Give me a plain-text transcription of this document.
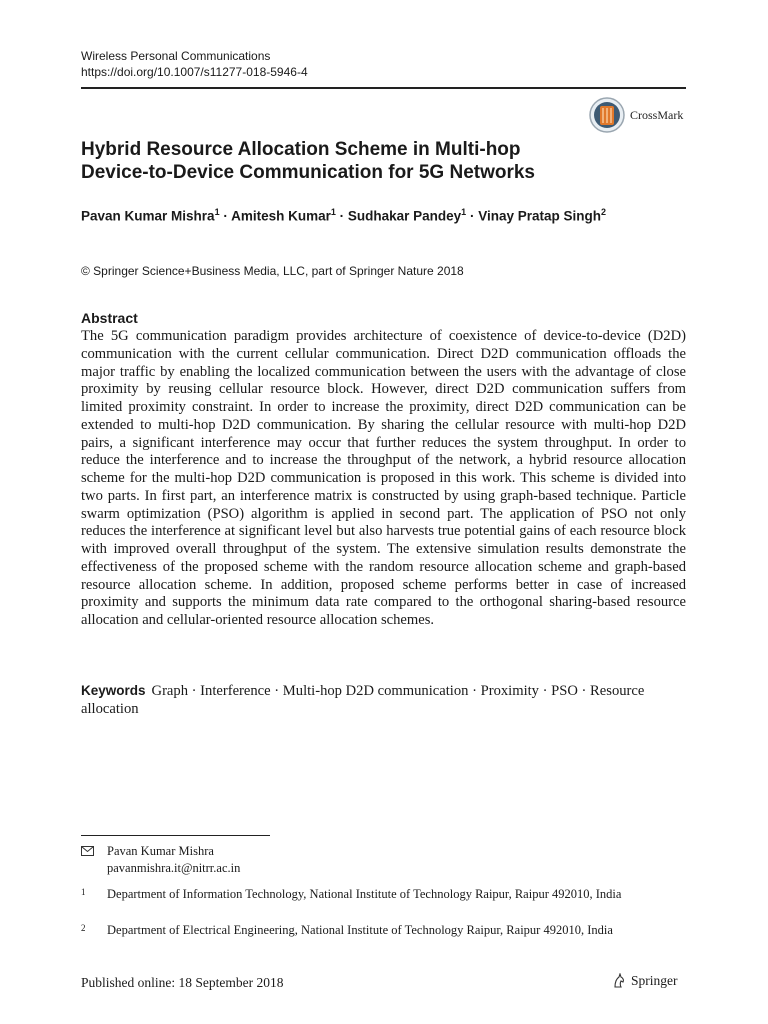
Wireless Personal Communications
https://doi.org/10.1007/s11277-018-5946-4
CrossMark
Hybrid Resource Allocation Scheme in Multi-hop
Device-to-Device Communication for 5G Networks
Pavan Kumar Mishra$^1$ · Amitesh Kumar$^1$ · Sudhakar Pandey$^1$ · Vinay Pratap Singh$^2$
© Springer Science+Business Media, LLC, part of Springer Nature 2018
Abstract
The 5G communication paradigm provides architecture of coexistence of device-to-device (D2D) communication with the current cellular communication. Direct D2D communication offloads the major traffic by enabling the localized communication between the users with the advantage of close proximity by reusing cellular resource block. However, direct D2D communication suffers from limited proximity constraint. In order to increase the proximity, direct D2D communication can be extended to multi-hop D2D communication. By sharing the cellular resource with multi-hop D2D pairs, a significant interference may occur that further reduces the system throughput. In order to reduce the interference and to increase the throughput of the network, a hybrid resource allocation scheme for the multi-hop D2D communication is proposed in this work. This scheme is divided into two parts. In first part, an interference matrix is constructed by using graph-based technique. Particle swarm optimization (PSO) algorithm is applied in second part. The application of PSO not only reduces the interference at significant level but also harvests true potential gains of each resource block with improved overall throughput of the system. The extensive simulation results demonstrate the effectiveness of the proposed scheme with the random resource allocation scheme and graph-based resource allocation scheme. In addition, proposed scheme performs better in case of increased proximity and supports the minimum data rate compared to the orthogonal sharing-based resource allocation and cellular-oriented resource allocation schemes.
Keywords Graph · Interference · Multi-hop D2D communication · Proximity · PSO · Resource allocation
Pavan Kumar Mishra
pavanmishra.it@nitrr.ac.in
1 Department of Information Technology, National Institute of Technology Raipur, Raipur 492010, India
2 Department of Electrical Engineering, National Institute of Technology Raipur, Raipur 492010, India
Published online: 18 September 2018	Springer
